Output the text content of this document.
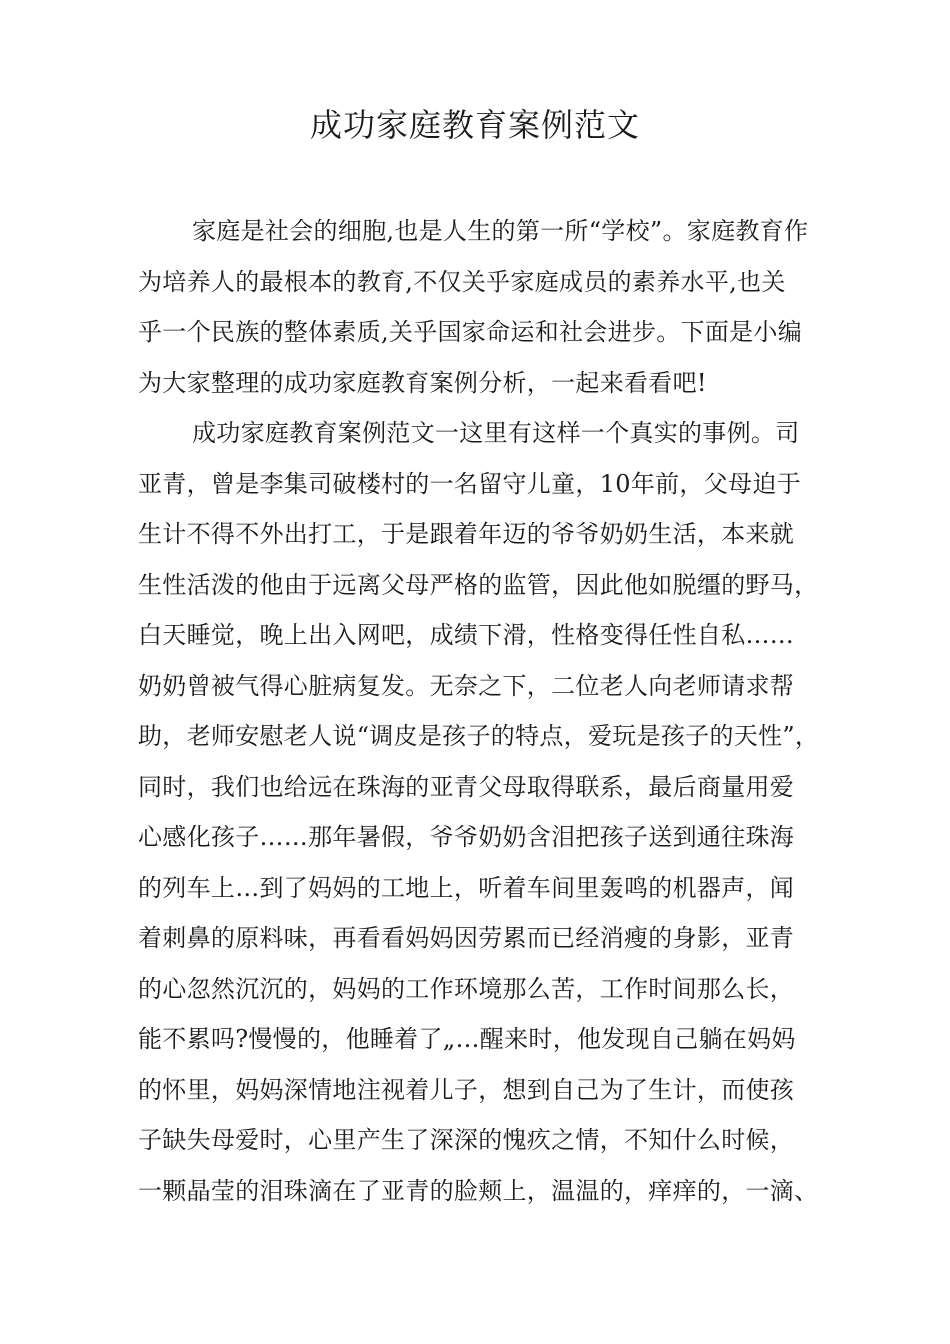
成功家庭教育案例范文
家庭是社会的细胞,也是人生的第一所“学校”。家庭教育作
为培养人的最根本的教育,不仅关乎家庭成员的素养水平,也关
乎一个民族的整体素质,关乎国家命运和社会进步。下面是小编
为大家整理的成功家庭教育案例分析，一起来看看吧!
成功家庭教育案例范文一这里有这样一个真实的事例。司
亚青，曾是李集司破楼村的一名留守儿童，10年前，父母迫于
生计不得不外出打工，于是跟着年迈的爷爷奶奶生活，本来就
生性活泼的他由于远离父母严格的监管，因此他如脱缰的野马，
白天睡觉，晚上出入网吧，成绩下滑，性格变得任性自私……
奶奶曾被气得心脏病复发。无奈之下，二位老人向老师请求帮
助，老师安慰老人说“调皮是孩子的特点，爱玩是孩子的天性”，
同时，我们也给远在珠海的亚青父母取得联系，最后商量用爱
心感化孩子……那年暑假，爷爷奶奶含泪把孩子送到通往珠海
的列车上…到了妈妈的工地上，听着车间里轰鸣的机器声，闻
着刺鼻的原料味，再看看妈妈因劳累而已经消瘦的身影，亚青
的心忽然沉沉的，妈妈的工作环境那么苦，工作时间那么长，
能不累吗?慢慢的，他睡着了„…醒来时，他发现自己躺在妈妈
的怀里，妈妈深情地注视着儿子，想到自己为了生计，而使孩
子缺失母爱时，心里产生了深深的愧疚之情，不知什么时候，
一颗晶莹的泪珠滴在了亚青的脸颊上，温温的，痒痒的，一滴、
